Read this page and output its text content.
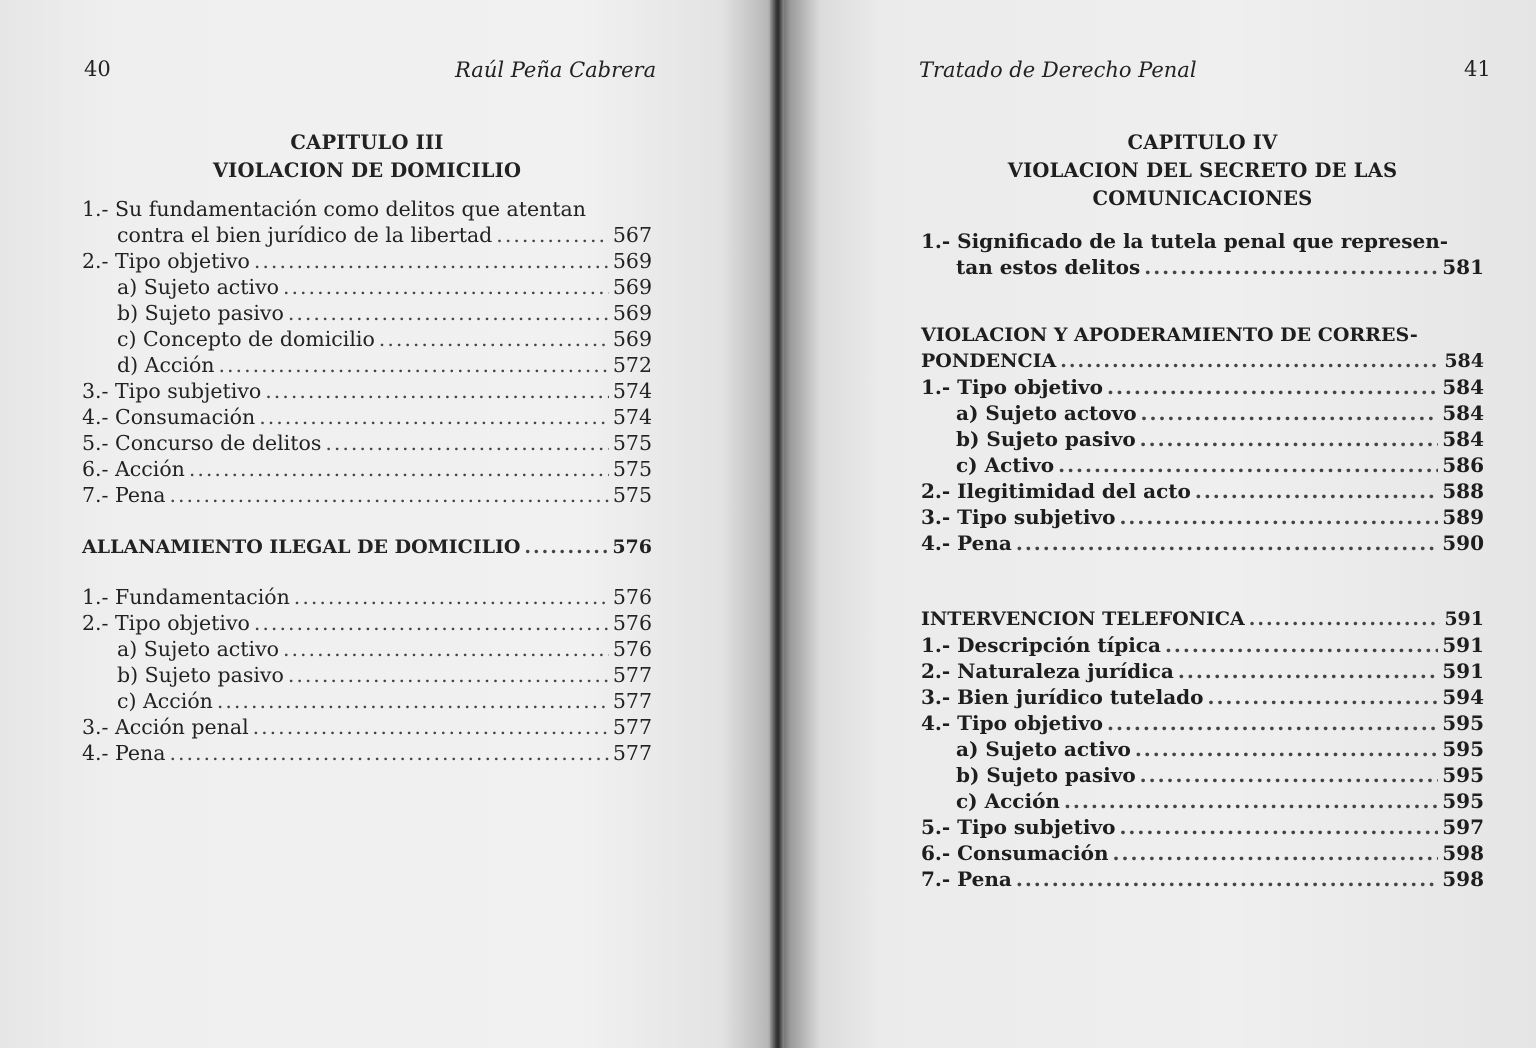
40	Raúl Peña Cabrera
CAPITULO III
VIOLACION DE DOMICILIO
1.- Su fundamentación como delitos que atentan
contra el bien jurídico de la libertad .....	567
2.- Tipo objetivo .....	569
a) Sujeto activo .....	569
b) Sujeto pasivo .....	569
c) Concepto de domicilio .....	569
d) Acción .....	572
3.- Tipo subjetivo .....	574
4.- Consumación .....	574
5.- Concurso de delitos .....	575
6.- Acción .....	575
7.- Pena .....	575
ALLANAMIENTO ILEGAL DE DOMICILIO .....	576
1.- Fundamentación .....	576
2.- Tipo objetivo .....	576
a) Sujeto activo .....	576
b) Sujeto pasivo .....	577
c) Acción .....	577
3.- Acción penal .....	577
4.- Pena .....	577
Tratado de Derecho Penal	41
CAPITULO IV
VIOLACION DEL SECRETO DE LAS
COMUNICACIONES
1.- Significado de la tutela penal que represen-
tan estos delitos .....	581
VIOLACION Y APODERAMIENTO DE CORRES-
PONDENCIA .....	584
1.- Tipo objetivo .....	584
a) Sujeto actovo .....	584
b) Sujeto pasivo .....	584
c) Activo .....	586
2.- Ilegitimidad del acto .....	588
3.- Tipo subjetivo .....	589
4.- Pena .....	590
INTERVENCION TELEFONICA .....	591
1.- Descripción típica .....	591
2.- Naturaleza jurídica .....	591
3.- Bien jurídico tutelado .....	594
4.- Tipo objetivo .....	595
a) Sujeto activo .....	595
b) Sujeto pasivo .....	595
c) Acción .....	595
5.- Tipo subjetivo .....	597
6.- Consumación .....	598
7.- Pena .....	598
